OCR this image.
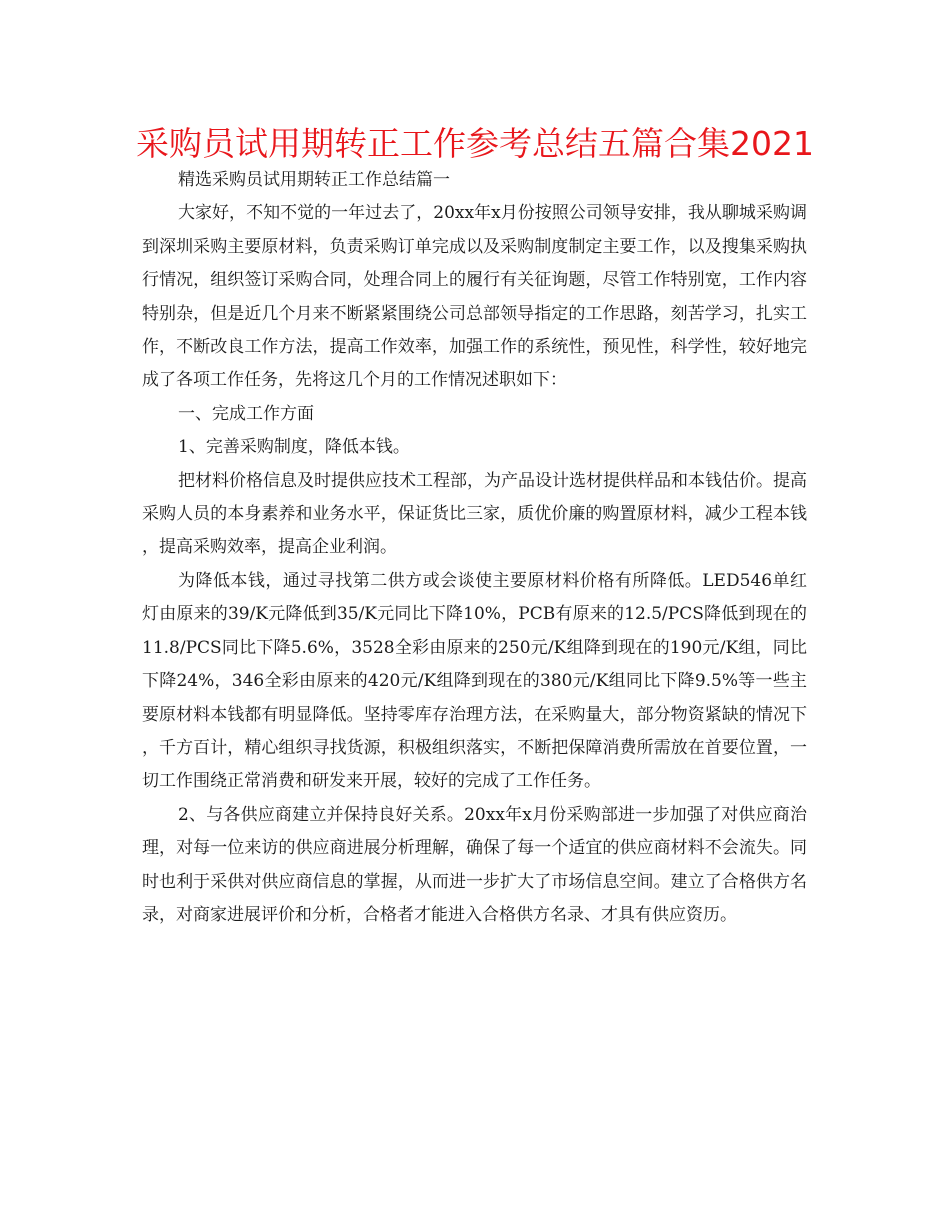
采购员试用期转正工作参考总结五篇合集2021

精选采购员试用期转正工作总结篇一

大家好，不知不觉的一年过去了，20xx年x月份按照公司领导安排，我从聊城采购调到深圳采购主要原材料，负责采购订单完成以及采购制度制定主要工作，以及搜集采购执行情况，组织签订采购合同，处理合同上的履行有关征询题，尽管工作特别宽，工作内容特别杂，但是近几个月来不断紧紧围绕公司总部领导指定的工作思路，刻苦学习，扎实工作，不断改良工作方法，提高工作效率，加强工作的系统性，预见性，科学性，较好地完成了各项工作任务，先将这几个月的工作情况述职如下：

一、完成工作方面

1、完善采购制度，降低本钱。

把材料价格信息及时提供应技术工程部，为产品设计选材提供样品和本钱估价。提高采购人员的本身素养和业务水平，保证货比三家，质优价廉的购置原材料，减少工程本钱，提高采购效率，提高企业利润。

为降低本钱，通过寻找第二供方或会谈使主要原材料价格有所降低。LED546单红灯由原来的39/K元降低到35/K元同比下降10%，PCB有原来的12.5/PCS降低到现在的11.8/PCS同比下降5.6%，3528全彩由原来的250元/K组降到现在的190元/K组，同比下降24%，346全彩由原来的420元/K组降到现在的380元/K组同比下降9.5%等一些主要原材料本钱都有明显降低。坚持零库存治理方法，在采购量大，部分物资紧缺的情况下，千方百计，精心组织寻找货源，积极组织落实，不断把保障消费所需放在首要位置，一切工作围绕正常消费和研发来开展，较好的完成了工作任务。

2、与各供应商建立并保持良好关系。20xx年x月份采购部进一步加强了对供应商治理，对每一位来访的供应商进展分析理解，确保了每一个适宜的供应商材料不会流失。同时也利于采供对供应商信息的掌握，从而进一步扩大了市场信息空间。建立了合格供方名录，对商家进展评价和分析，合格者才能进入合格供方名录、才具有供应资历。
